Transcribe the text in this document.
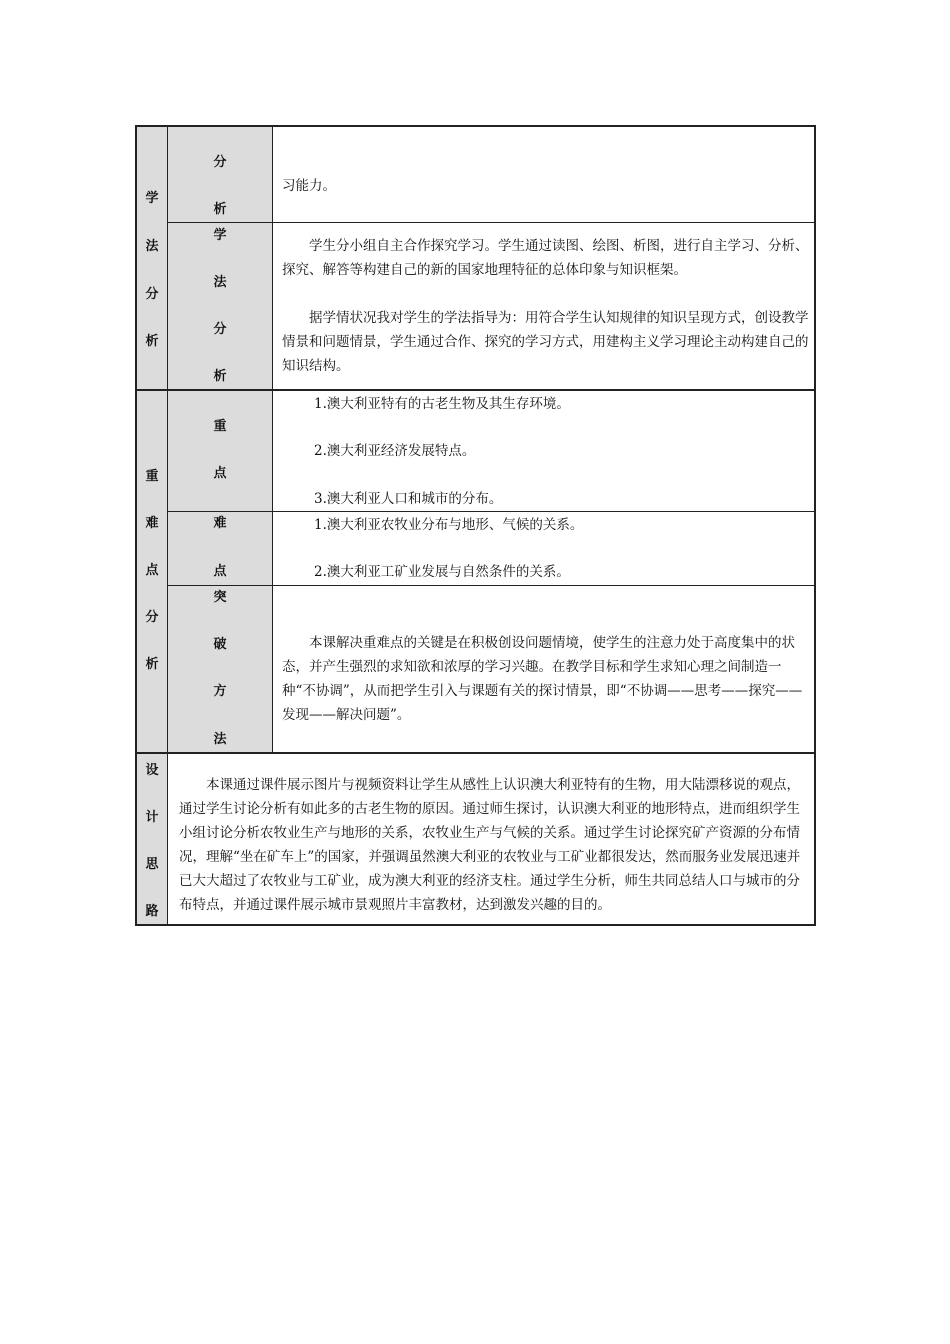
学
法
分
析
分
析

习能力。

学
法
分
析

学生分小组自主合作探究学习。学生通过读图、绘图、析图，进行自主学习、分析、探究、解答等构建自己的新的国家地理特征的总体印象与知识框架。

据学情状况我对学生的学法指导为：用符合学生认知规律的知识呈现方式，创设教学情景和问题情景，学生通过合作、探究的学习方式，用建构主义学习理论主动构建自己的知识结构。

重
难
点
分
析
重
点

1.澳大利亚特有的古老生物及其生存环境。

2.澳大利亚经济发展特点。

3.澳大利亚人口和城市的分布。

难
点

1.澳大利亚农牧业分布与地形、气候的关系。

2.澳大利亚工矿业发展与自然条件的关系。

突
破
方
法

本课解决重难点的关键是在积极创设问题情境，使学生的注意力处于高度集中的状态，并产生强烈的求知欲和浓厚的学习兴趣。在教学目标和学生求知心理之间制造一种“不协调”，从而把学生引入与课题有关的探讨情景，即“不协调——思考——探究——发现——解决问题”。

设
计
思
路

本课通过课件展示图片与视频资料让学生从感性上认识澳大利亚特有的生物，用大陆漂移说的观点，通过学生讨论分析有如此多的古老生物的原因。通过师生探讨，认识澳大利亚的地形特点，进而组织学生小组讨论分析农牧业生产与地形的关系，农牧业生产与气候的关系。通过学生讨论探究矿产资源的分布情况，理解“坐在矿车上”的国家，并强调虽然澳大利亚的农牧业与工矿业都很发达，然而服务业发展迅速并已大大超过了农牧业与工矿业，成为澳大利亚的经济支柱。通过学生分析，师生共同总结人口与城市的分布特点，并通过课件展示城市景观照片丰富教材，达到激发兴趣的目的。
